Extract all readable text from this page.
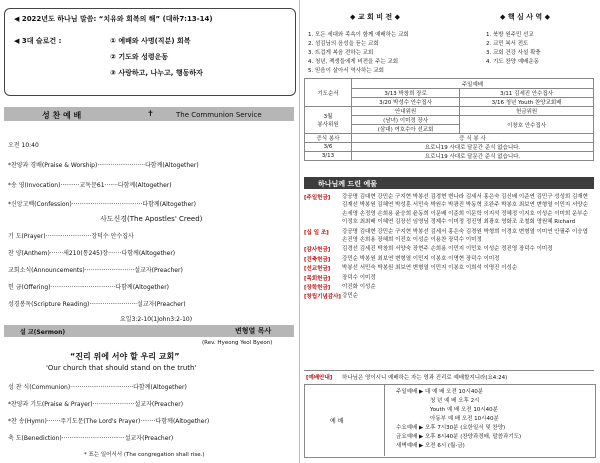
◀ 2022년도 하나님 말씀: “치유와 회복의 해” (대하7:13-14)
◀ 3대 슬로건 :	① 예배와 사명(직분) 회복
② 기도와 성령운동
③ 사랑하고, 나누고, 행동하자
성 찬 예 배	✝	The Communion Service
오전 10:40
*찬양과 경배(Praise & Worship)·························다함께(Altogether)
*송 영(Invocation)··········교독문61·······다함께(Altogether)
*신앙고백(Confession)·····································다함께(Altogether)
사도신경(The Apostles' Creed)
기 도(Prayer)························장덕수 안수집사
찬 양(Anthem)·······새210(통245)장·······다함께(Altogether)
교회소식(Announcements)··························설교자(Preacher)
헌 금(Offering)··································다함께(Altogether)
성경봉독(Scripture Reading)·························설교자(Preacher)
요일3:2-10(1John3:2-10)
설 교(Sermon)	변형열 목사
(Rev. Hyeong Yeol Byeon)
“진리 위에 서야 할 우리 교회”
'Our church that should stand on the truth'
성 찬 식(Communion)·································다함께(Altogether)
*찬양과 기도(Praise & Prayer)······················설교자(Preacher)
*찬 송(Hymn)·······주기도문(The Lord's Prayer)········다함께(Altogether)
축 도(Benediction)·································설교자(Preacher)
* 표는 일어서서 (The congregation shall rise.)
◆ 교 회 비 전 ◆
1. 모든 세대와 족속이 함께 예배하는 교회
2. 섬김님의 음성을 듣는 교회
3. 뜨겁게 복음 전하는 교회
4. 청년, 젝생들에게 비전을 주는 교회
5. 믿음이 살아서 역사하는 교회
◆ 핵 심 사 역 ◆
1. 북방 원주민 선교
2. 교민 복서 전도
3. 교회 건강 사설 확충
4. 기도 찬양 예배운동
기도순서	주일예배	
	3/13 박창희 장로	3/11 김세진 안수집사
	3/20 박성수 안수집사	3/16 청년 Youth 찬양교회배
3월
봉사위원	안내위원	헌금위원
	(남녀) 이미정 장사	이창호 안수집사
	(삼대) 여호수아 선교회	
증식 봉사	증 식 봉 사	
3/6	요로니19 사대로 달문간 준식 없습니다.	
3/13	요로니19 사대로 달문간 준식 없습니다.	
하나님께 드린 예물
[주일헌금]	강공명 김대현 강민순 구지현 박봉선 김경현 변나라 김세서 홍은숙 김신배 이준연 김민구 성성희 김재현 김재선 박봉원 김혜연 박성훈 서민숙 박원수 박광진 박동혁 조완주 박봉호 최보연 변형열 이민지 서양순 손세영 손정영 손희용 윤승희 윤동희 이문배 이준희 이문학 이지석 정혜정 이지호 이성순 이미희 운부순 이정호 최최배 이혜연 김장선 임영님 정제수 이미정 정진영 최광호 영화조 조철회 영원혜 Richard
[십 일 조]	강공명 김대현 강민순 구지현 박봉선 김세서 홍은숙 김경원 박형희 이경호 변형열 이미연 안필주 이승엽 손진영 손희용 장혜희 이진호 이성순 이용찬 장덕수 이미정
[감사헌금]	김경선 김세진 박창희 서양숙 장현주 손희용 이민지 이민호 이성순 정진영 장덕수 이미정
[건축헌금]	강민순 박봉원 최보연 변형열 이민지 이봉호 이명현 장덕수 이미정
[선교헌금]	박봉선 서민숙 박봉원 최보연 변형열 이민지 이봉호 이희석 이명진 이성순
[목회헌금]	장덕수 이미정
[장학헌금]	이진화 이성순
[창립기념감사] 강민순
[예배안내] 하나님은 영이시니 예배하는 자는 영과 진리로 예배할지니라(요4:24)
예 배
주일예배 ▶ 대 예 배 오전 10시40분
청 년 예 배 오후 2시
Youth 예 배 오전 10시40분
아동부 예 배 오전 10시40분
수요예배 ▶ 오후 7시30분 (요한일서 및 찬양)
금요예배 ▶ 오후 8시40분 (찬양과경배, 말씀과기도)
새벽예배 ▶ 오전 6시 (월-금)
